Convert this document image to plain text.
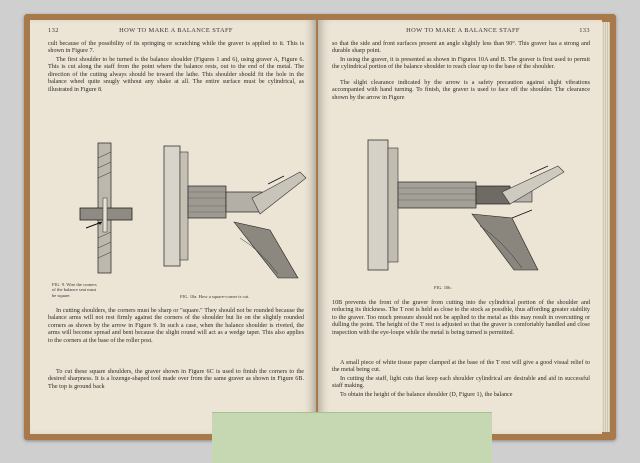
132	HOW TO MAKE A BALANCE STAFF
cult because of the possibility of its springing or scratching while the graver is applied to it. This is shown in Figure 7.
The first shoulder to be turned is the balance shoulder (Figures 1 and 6), using graver A, Figure 6. This is cut along the staff from the point where the balance rests, out to the end of the metal. The direction of the cutting always should be toward the lathe. This shoulder should fit the hole in the balance wheel quite snugly without any shake at all. The entire surface must be cylindrical, as illustrated in Figure 8.
FIG. 9. Wire the corners of the balance seat must be square.	FIG. 10a. How a square-corner is cut.
In cutting shoulders, the corners must be sharp or "square." They should not be rounded because the balance arms will not rest firmly against the corners of the shoulder but lie on the slightly rounded corners as shown by the arrow in Figure 9. In such a case, when the balance shoulder is riveted, the arms will become spread and bent because the slight round will act as a wedge taper. This also applies to the corners at the base of the roller post.
To cut these square shoulders, the graver shown in Figure 6C is used to finish the corners to the desired sharpness. It is a lozenge-shaped tool made over from the same graver as shown in Figure 6B. The top is ground back
HOW TO MAKE A BALANCE STAFF	133
so that the side and front surfaces present an angle slightly less than 90°. This graver has a strong and durable sharp point.
In using the graver, it is presented as shown in Figures 10A and B. The graver is first used to permit the cylindrical portion of the balance shoulder to reach clear up to the base of the shoulder.
The slight clearance indicated by the arrow is a safety precaution against slight vibrations accompanied with hand turning. To finish, the graver is used to face off the shoulder. The clearance shown by the arrow in Figure
FIG. 10b.
10B prevents the front of the graver from cutting into the cylindrical portion of the shoulder and reducing its thickness. The T rest is held as close to the stock as possible, thus affording greater stability to the graver. Too much pressure should not be applied to the metal as this may result in overcutting or dulling the point. The height of the T rest is adjusted so that the graver is comfortably handled and close inspection with the eye-loupe while the metal is being turned is permitted.
A small piece of white tissue paper clamped at the base of the T rest will give a good visual relief to the metal being cut.
In cutting the staff, light cuts that keep each shoulder cylindrical are desirable and aid in successful staff making.
To obtain the height of the balance shoulder (D, Figure 1), the balance
